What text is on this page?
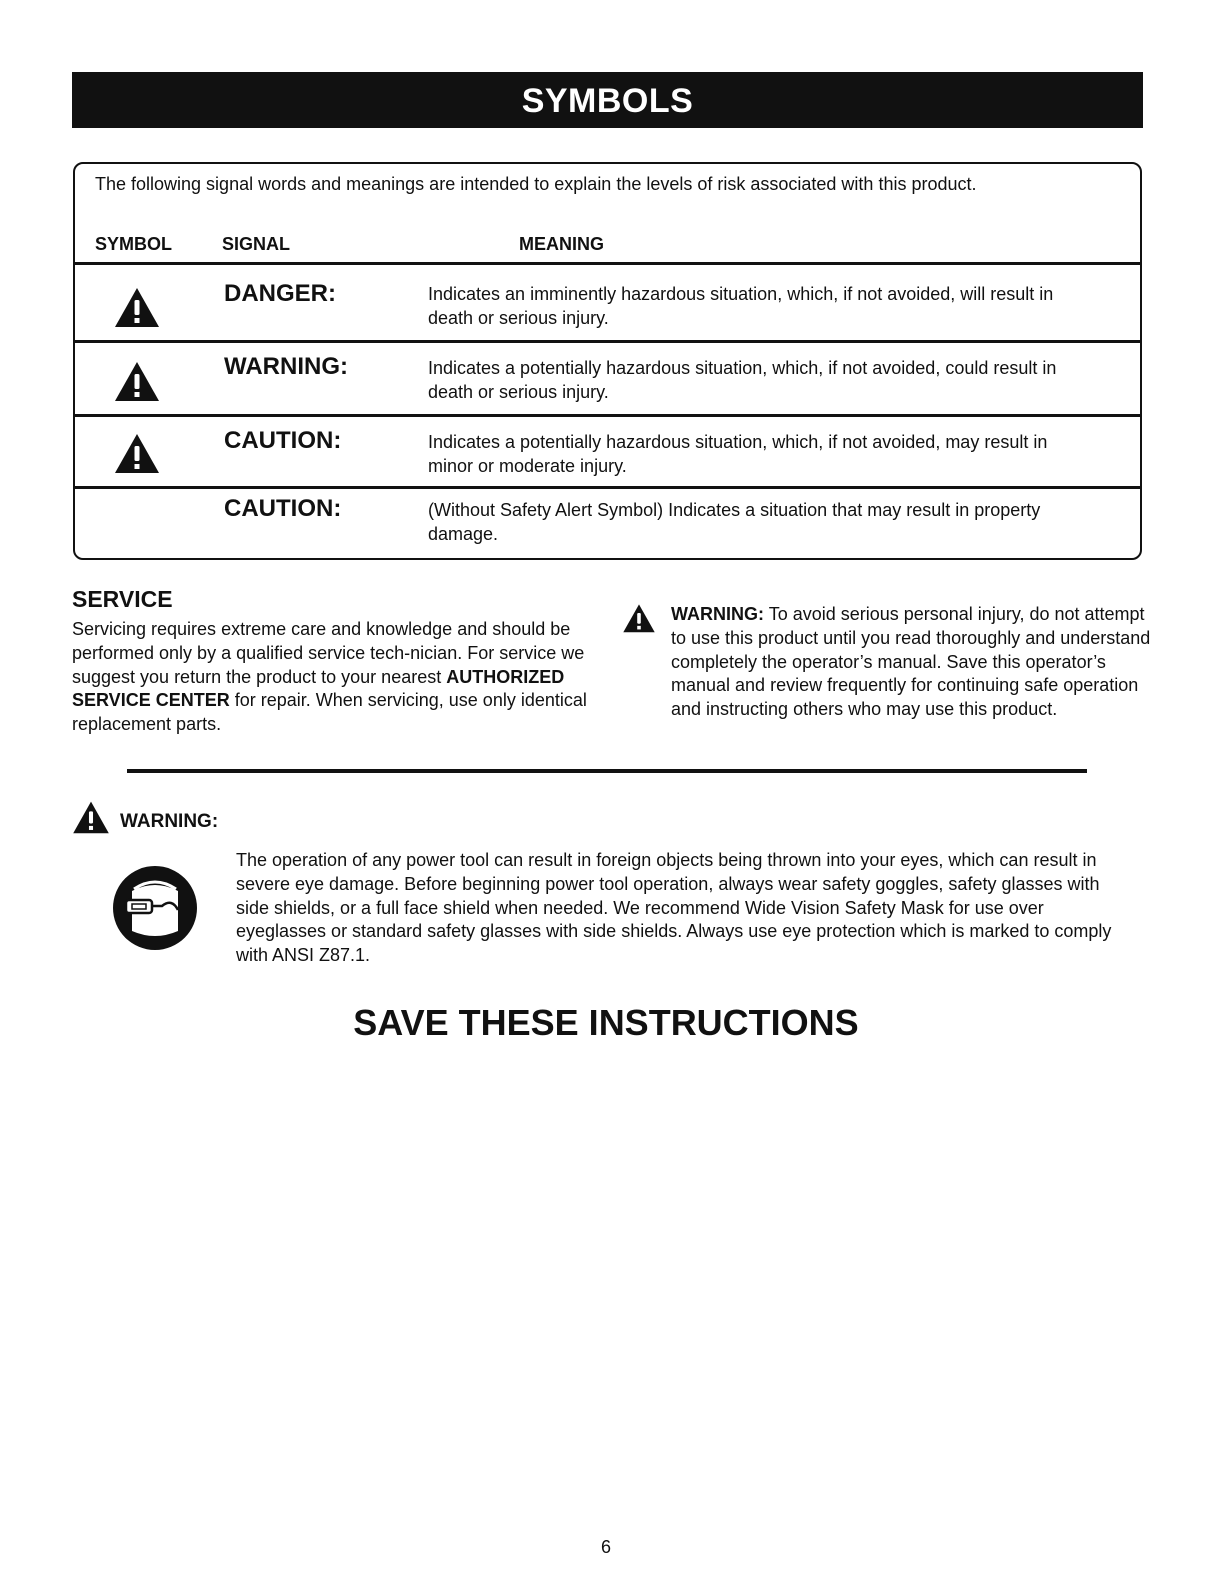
SYMBOLS
The following signal words and meanings are intended to explain the levels of risk associated with this product.
SYMBOL	SIGNAL	MEANING
DANGER:	Indicates an imminently hazardous situation, which, if not avoided, will result in death or serious injury.
WARNING:	Indicates a potentially hazardous situation, which, if not avoided, could result in death or serious injury.
CAUTION:	Indicates a potentially hazardous situation, which, if not avoided, may result in minor or moderate injury.
CAUTION:	(Without Safety Alert Symbol) Indicates a situation that may result in property damage.
SERVICE
Servicing requires extreme care and knowledge and should be performed only by a qualified service tech-nician. For service we suggest you return the product to your nearest AUTHORIZED SERVICE CENTER for repair. When servicing, use only identical replacement parts.
WARNING: To avoid serious personal injury, do not attempt to use this product until you read thoroughly and understand completely the operator’s manual. Save this operator’s manual and review frequently for continuing safe operation and instructing others who may use this product.
WARNING:
The operation of any power tool can result in foreign objects being thrown into your eyes, which can result in severe eye damage. Before beginning power tool operation, always wear safety goggles, safety glasses with side shields, or a full face shield when needed. We recommend Wide Vision Safety Mask for use over eyeglasses or standard safety glasses with side shields. Always use eye protection which is marked to comply with ANSI Z87.1.
SAVE THESE INSTRUCTIONS
6
